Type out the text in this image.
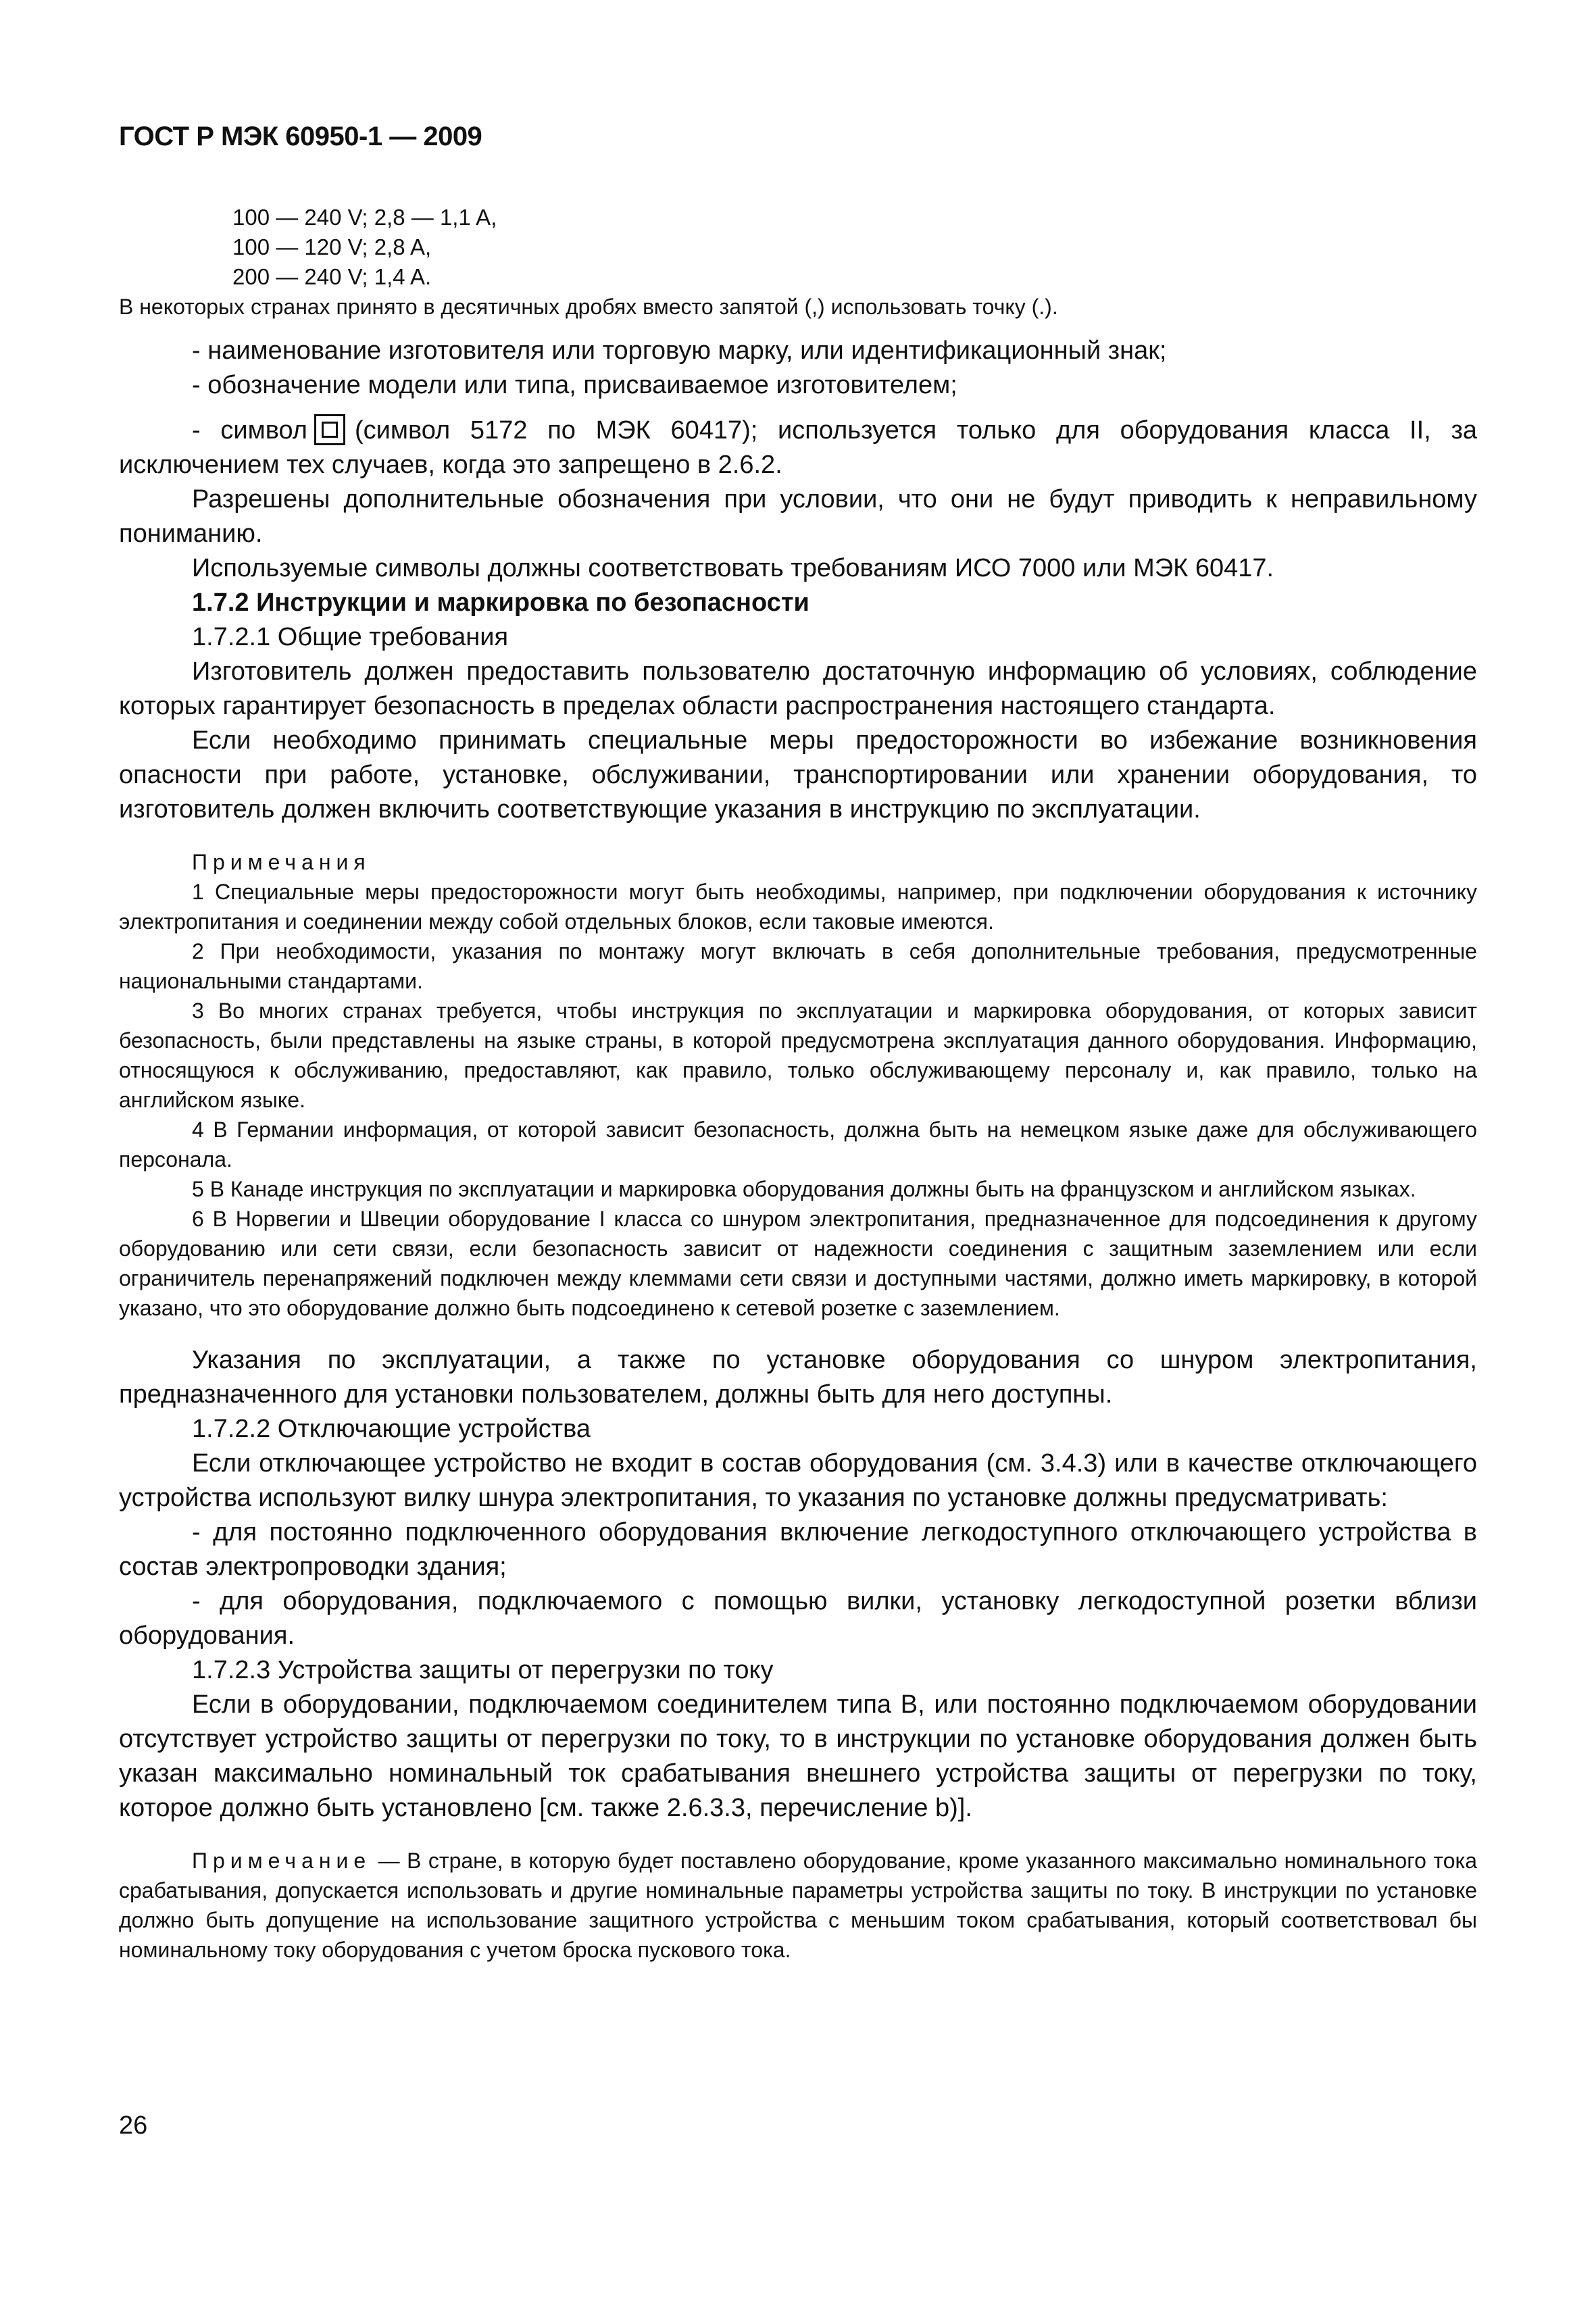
ГОСТ Р МЭК 60950-1 — 2009
100 — 240 V; 2,8 — 1,1 A,
100 — 120 V; 2,8 A,
200 — 240 V; 1,4 A.
В некоторых странах принято в десятичных дробях вместо запятой (,) использовать точку (.).
- наименование изготовителя или торговую марку, или идентификационный знак;
- обозначение модели или типа, присваиваемое изготовителем;

- символ (символ 5172 по МЭК 60417); используется только для оборудования класса II, за исключением тех случаев, когда это запрещено в 2.6.2.

Разрешены дополнительные обозначения при условии, что они не будут приводить к неправильному пониманию.

Используемые символы должны соответствовать требованиям ИСО 7000 или МЭК 60417.

1.7.2 Инструкции и маркировка по безопасности
1.7.2.1 Общие требования

Изготовитель должен предоставить пользователю достаточную информацию об условиях, соблюдение которых гарантирует безопасность в пределах области распространения настоящего стандарта.

Если необходимо принимать специальные меры предосторожности во избежание возникновения опасности при работе, установке, обслуживании, транспортировании или хранении оборудования, то изготовитель должен включить соответствующие указания в инструкцию по эксплуатации.

Примечания
1 Специальные меры предосторожности могут быть необходимы, например, при подключении оборудования к источнику электропитания и соединении между собой отдельных блоков, если таковые имеются.
2 При необходимости, указания по монтажу могут включать в себя дополнительные требования, предусмотренные национальными стандартами.
3 Во многих странах требуется, чтобы инструкция по эксплуатации и маркировка оборудования, от которых зависит безопасность, были представлены на языке страны, в которой предусмотрена эксплуатация данного оборудования. Информацию, относящуюся к обслуживанию, предоставляют, как правило, только обслуживающему персоналу и, как правило, только на английском языке.
4 В Германии информация, от которой зависит безопасность, должна быть на немецком языке даже для обслуживающего персонала.
5 В Канаде инструкция по эксплуатации и маркировка оборудования должны быть на французском и английском языках.
6 В Норвегии и Швеции оборудование I класса со шнуром электропитания, предназначенное для подсоединения к другому оборудованию или сети связи, если безопасность зависит от надежности соединения с защитным заземлением или если ограничитель перенапряжений подключен между клеммами сети связи и доступными частями, должно иметь маркировку, в которой указано, что это оборудование должно быть подсоединено к сетевой розетке с заземлением.

Указания по эксплуатации, а также по установке оборудования со шнуром электропитания, предназначенного для установки пользователем, должны быть для него доступны.

1.7.2.2 Отключающие устройства

Если отключающее устройство не входит в состав оборудования (см. 3.4.3) или в качестве отключающего устройства используют вилку шнура электропитания, то указания по установке должны предусматривать:

- для постоянно подключенного оборудования включение легкодоступного отключающего устройства в состав электропроводки здания;

- для оборудования, подключаемого с помощью вилки, установку легкодоступной розетки вблизи оборудования.

1.7.2.3 Устройства защиты от перегрузки по току

Если в оборудовании, подключаемом соединителем типа B, или постоянно подключаемом оборудовании отсутствует устройство защиты от перегрузки по току, то в инструкции по установке оборудования должен быть указан максимально номинальный ток срабатывания внешнего устройства защиты от перегрузки по току, которое должно быть установлено [см. также 2.6.3.3, перечисление b)].

Примечание — В стране, в которую будет поставлено оборудование, кроме указанного максимально номинального тока срабатывания, допускается использовать и другие номинальные параметры устройства защиты по току. В инструкции по установке должно быть допущение на использование защитного устройства с меньшим током срабатывания, который соответствовал бы номинальному току оборудования с учетом броска пускового тока.
26
